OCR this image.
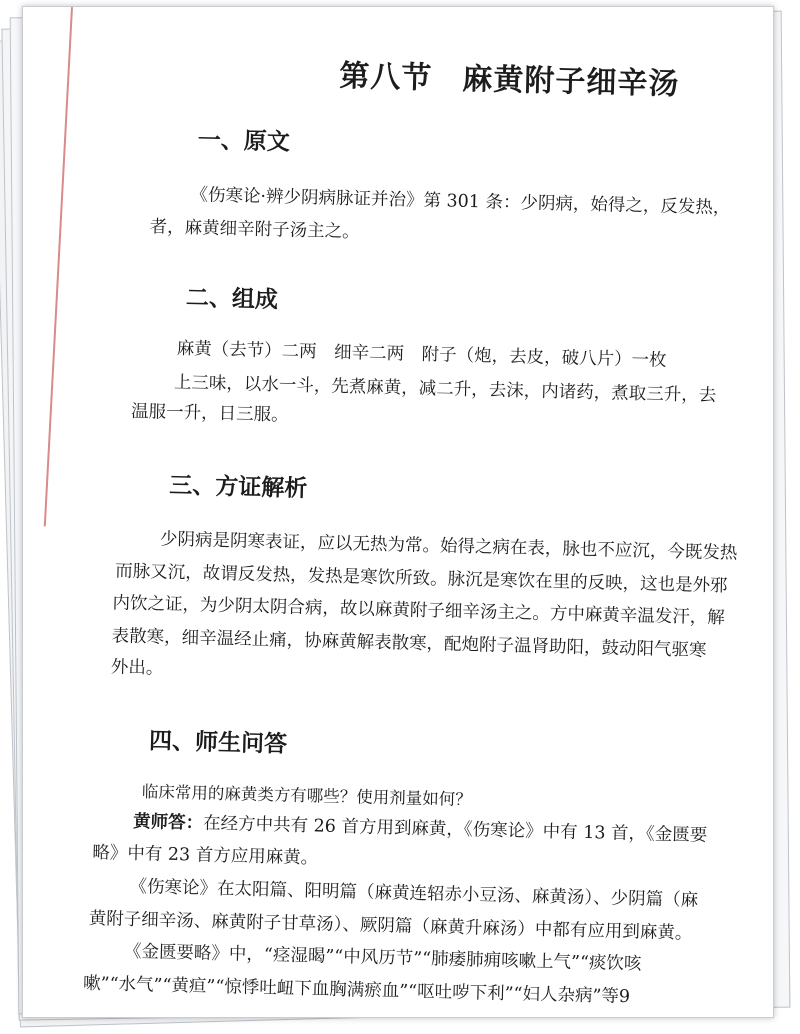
第八节 麻黄附子细辛汤
一、原文
《伤寒论·辨少阴病脉证并治》第 301 条：少阴病，始得之，反发热，
者，麻黄细辛附子汤主之。
二、组成
麻黄（去节）二两　细辛二两　附子（炮，去皮，破八片）一枚
上三味，以水一斗，先煮麻黄，减二升，去沫，内诸药，煮取三升，去
温服一升，日三服。
三、方证解析
少阴病是阴寒表证，应以无热为常。始得之病在表，脉也不应沉，今既发热
而脉又沉，故谓反发热，发热是寒饮所致。脉沉是寒饮在里的反映，这也是外邪
内饮之证，为少阴太阴合病，故以麻黄附子细辛汤主之。方中麻黄辛温发汗，解
表散寒，细辛温经止痛，协麻黄解表散寒，配炮附子温肾助阳，鼓动阳气驱寒
外出。
四、师生问答
临床常用的麻黄类方有哪些？使用剂量如何？
黄师答：在经方中共有 26 首方用到麻黄，《伤寒论》中有 13 首，《金匮要
略》中有 23 首方应用麻黄。
《伤寒论》在太阳篇、阳明篇（麻黄连轺赤小豆汤、麻黄汤）、少阴篇（麻
黄附子细辛汤、麻黄附子甘草汤）、厥阴篇（麻黄升麻汤）中都有应用到麻黄。
《金匮要略》中，“痉湿暍”“中风历节”“肺痿肺痈咳嗽上气”“痰饮咳
嗽”“水气”“黄疸”“惊悸吐衄下血胸满瘀血”“呕吐哕下利”“妇人杂病”等9
